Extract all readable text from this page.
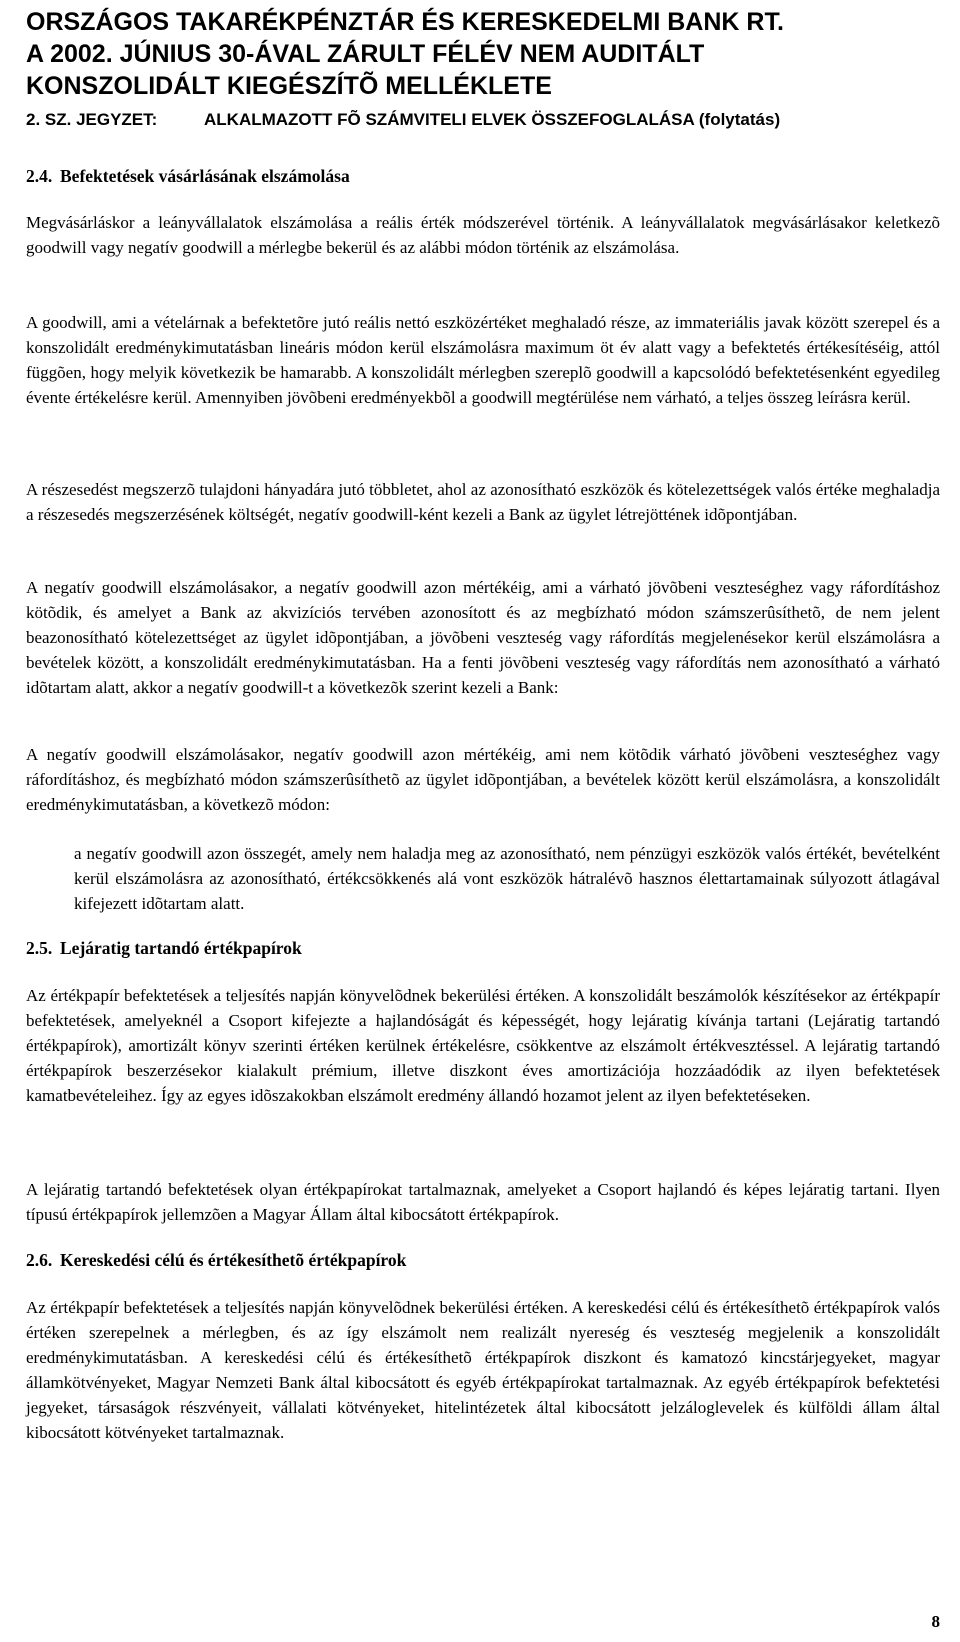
ORSZÁGOS TAKARÉKPÉNZTÁR ÉS KERESKEDELMI BANK RT.
A 2002. JÚNIUS 30-ÁVAL ZÁRULT FÉLÉV NEM AUDITÁLT
KONSZOLIDÁLT KIEGÉSZÍTÕ MELLÉKLETE
2. SZ. JEGYZET:	ALKALMAZOTT FÕ SZÁMVITELI ELVEK ÖSSZEFOGLALÁSA (folytatás)
2.4. Befektetések vásárlásának elszámolása

Megvásárláskor a leányvállalatok elszámolása a reális érték módszerével történik. A leányvállalatok megvásárlásakor keletkezõ goodwill vagy negatív goodwill a mérlegbe bekerül és az alábbi módon történik az elszámolása.

A goodwill, ami a vételárnak a befektetõre jutó reális nettó eszközértéket meghaladó része, az immateriális javak között szerepel és a konszolidált eredménykimutatásban lineáris módon kerül elszámolásra maximum öt év alatt vagy a befektetés értékesítéséig, attól függõen, hogy melyik következik be hamarabb. A konszolidált mérlegben szereplõ goodwill a kapcsolódó befektetésenként egyedileg évente értékelésre kerül. Amennyiben jövõbeni eredményekbõl a goodwill megtérülése nem várható, a teljes összeg leírásra kerül.

A részesedést megszerzõ tulajdoni hányadára jutó többletet, ahol az azonosítható eszközök és kötelezettségek valós értéke meghaladja a részesedés megszerzésének költségét, negatív goodwill-ként kezeli a Bank az ügylet létrejöttének idõpontjában.

A negatív goodwill elszámolásakor, a negatív goodwill azon mértékéig, ami a várható jövõbeni veszteséghez vagy ráfordításhoz kötõdik, és amelyet a Bank az akvizíciós tervében azonosított és az megbízható módon számszerûsíthetõ, de nem jelent beazonosítható kötelezettséget az ügylet idõpontjában, a jövõbeni veszteség vagy ráfordítás megjelenésekor kerül elszámolásra a bevételek között, a konszolidált eredménykimutatásban. Ha a fenti jövõbeni veszteség vagy ráfordítás nem azonosítható a várható idõtartam alatt, akkor a negatív goodwill-t a következõk szerint kezeli a Bank:

A negatív goodwill elszámolásakor, negatív goodwill azon mértékéig, ami nem kötõdik várható jövõbeni veszteséghez vagy ráfordításhoz, és megbízható módon számszerûsíthetõ az ügylet idõpontjában, a bevételek között kerül elszámolásra, a konszolidált eredménykimutatásban, a következõ módon:

a negatív goodwill azon összegét, amely nem haladja meg az azonosítható, nem pénzügyi eszközök valós értékét, bevételként kerül elszámolásra az azonosítható, értékcsökkenés alá vont eszközök hátralévõ hasznos élettartamainak súlyozott átlagával kifejezett idõtartam alatt.

2.5. Lejáratig tartandó értékpapírok

Az értékpapír befektetések a teljesítés napján könyvelõdnek bekerülési értéken. A konszolidált beszámolók készítésekor az értékpapír befektetések, amelyeknél a Csoport kifejezte a hajlandóságát és képességét, hogy lejáratig kívánja tartani (Lejáratig tartandó értékpapírok), amortizált könyv szerinti értéken kerülnek értékelésre, csökkentve az elszámolt értékvesztéssel. A lejáratig tartandó értékpapírok beszerzésekor kialakult prémium, illetve diszkont éves amortizációja hozzáadódik az ilyen befektetések kamatbevételeihez. Így az egyes idõszakokban elszámolt eredmény állandó hozamot jelent az ilyen befektetéseken.

A lejáratig tartandó befektetések olyan értékpapírokat tartalmaznak, amelyeket a Csoport hajlandó és képes lejáratig tartani. Ilyen típusú értékpapírok jellemzõen a Magyar Állam által kibocsátott értékpapírok.

2.6. Kereskedési célú és értékesíthetõ értékpapírok

Az értékpapír befektetések a teljesítés napján könyvelõdnek bekerülési értéken. A kereskedési célú és értékesíthetõ értékpapírok valós értéken szerepelnek a mérlegben, és az így elszámolt nem realizált nyereség és veszteség megjelenik a konszolidált eredménykimutatásban. A kereskedési célú és értékesíthetõ értékpapírok diszkont és kamatozó kincstárjegyeket, magyar államkötvényeket, Magyar Nemzeti Bank által kibocsátott és egyéb értékpapírokat tartalmaznak. Az egyéb értékpapírok befektetési jegyeket, társaságok részvényeit, vállalati kötvényeket, hitelintézetek által kibocsátott jelzáloglevelek és külföldi állam által kibocsátott kötvényeket tartalmaznak.

8
